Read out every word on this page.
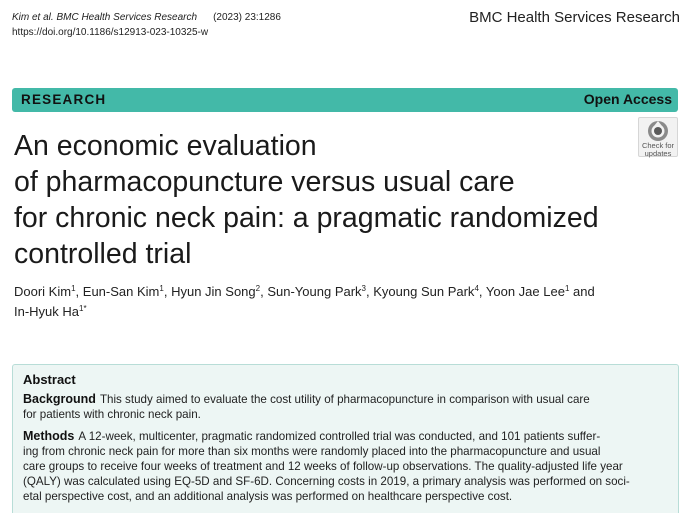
Kim et al. BMC Health Services Research (2023) 23:1286
https://doi.org/10.1186/s12913-023-10325-w
BMC Health Services Research
RESEARCH	Open Access
Check for
updates
An economic evaluation
of pharmacopuncture versus usual care
for chronic neck pain: a pragmatic randomized
controlled trial
Doori Kim$^1$, Eun-San Kim$^1$, Hyun Jin Song$^2$, Sun-Young Park$^3$, Kyoung Sun Park$^4$, Yoon Jae Lee$^1$ and
In-Hyuk $Ha^{1*}$
Abstract
Background This study aimed to evaluate the cost utility of pharmacopuncture in comparison with usual care
for patients with chronic neck pain.
Methods A 12-week, multicenter, pragmatic randomized controlled trial was conducted, and 101 patients suffer-
ing from chronic neck pain for more than six months were randomly placed into the pharmacopuncture and usual
care groups to receive four weeks of treatment and 12 weeks of follow-up observations. The quality-adjusted life year
(QALY) was calculated using EQ-5D and SF-6D. Concerning costs in 2019, a primary analysis was performed on soci-
etal perspective cost, and an additional analysis was performed on healthcare perspective cost.
